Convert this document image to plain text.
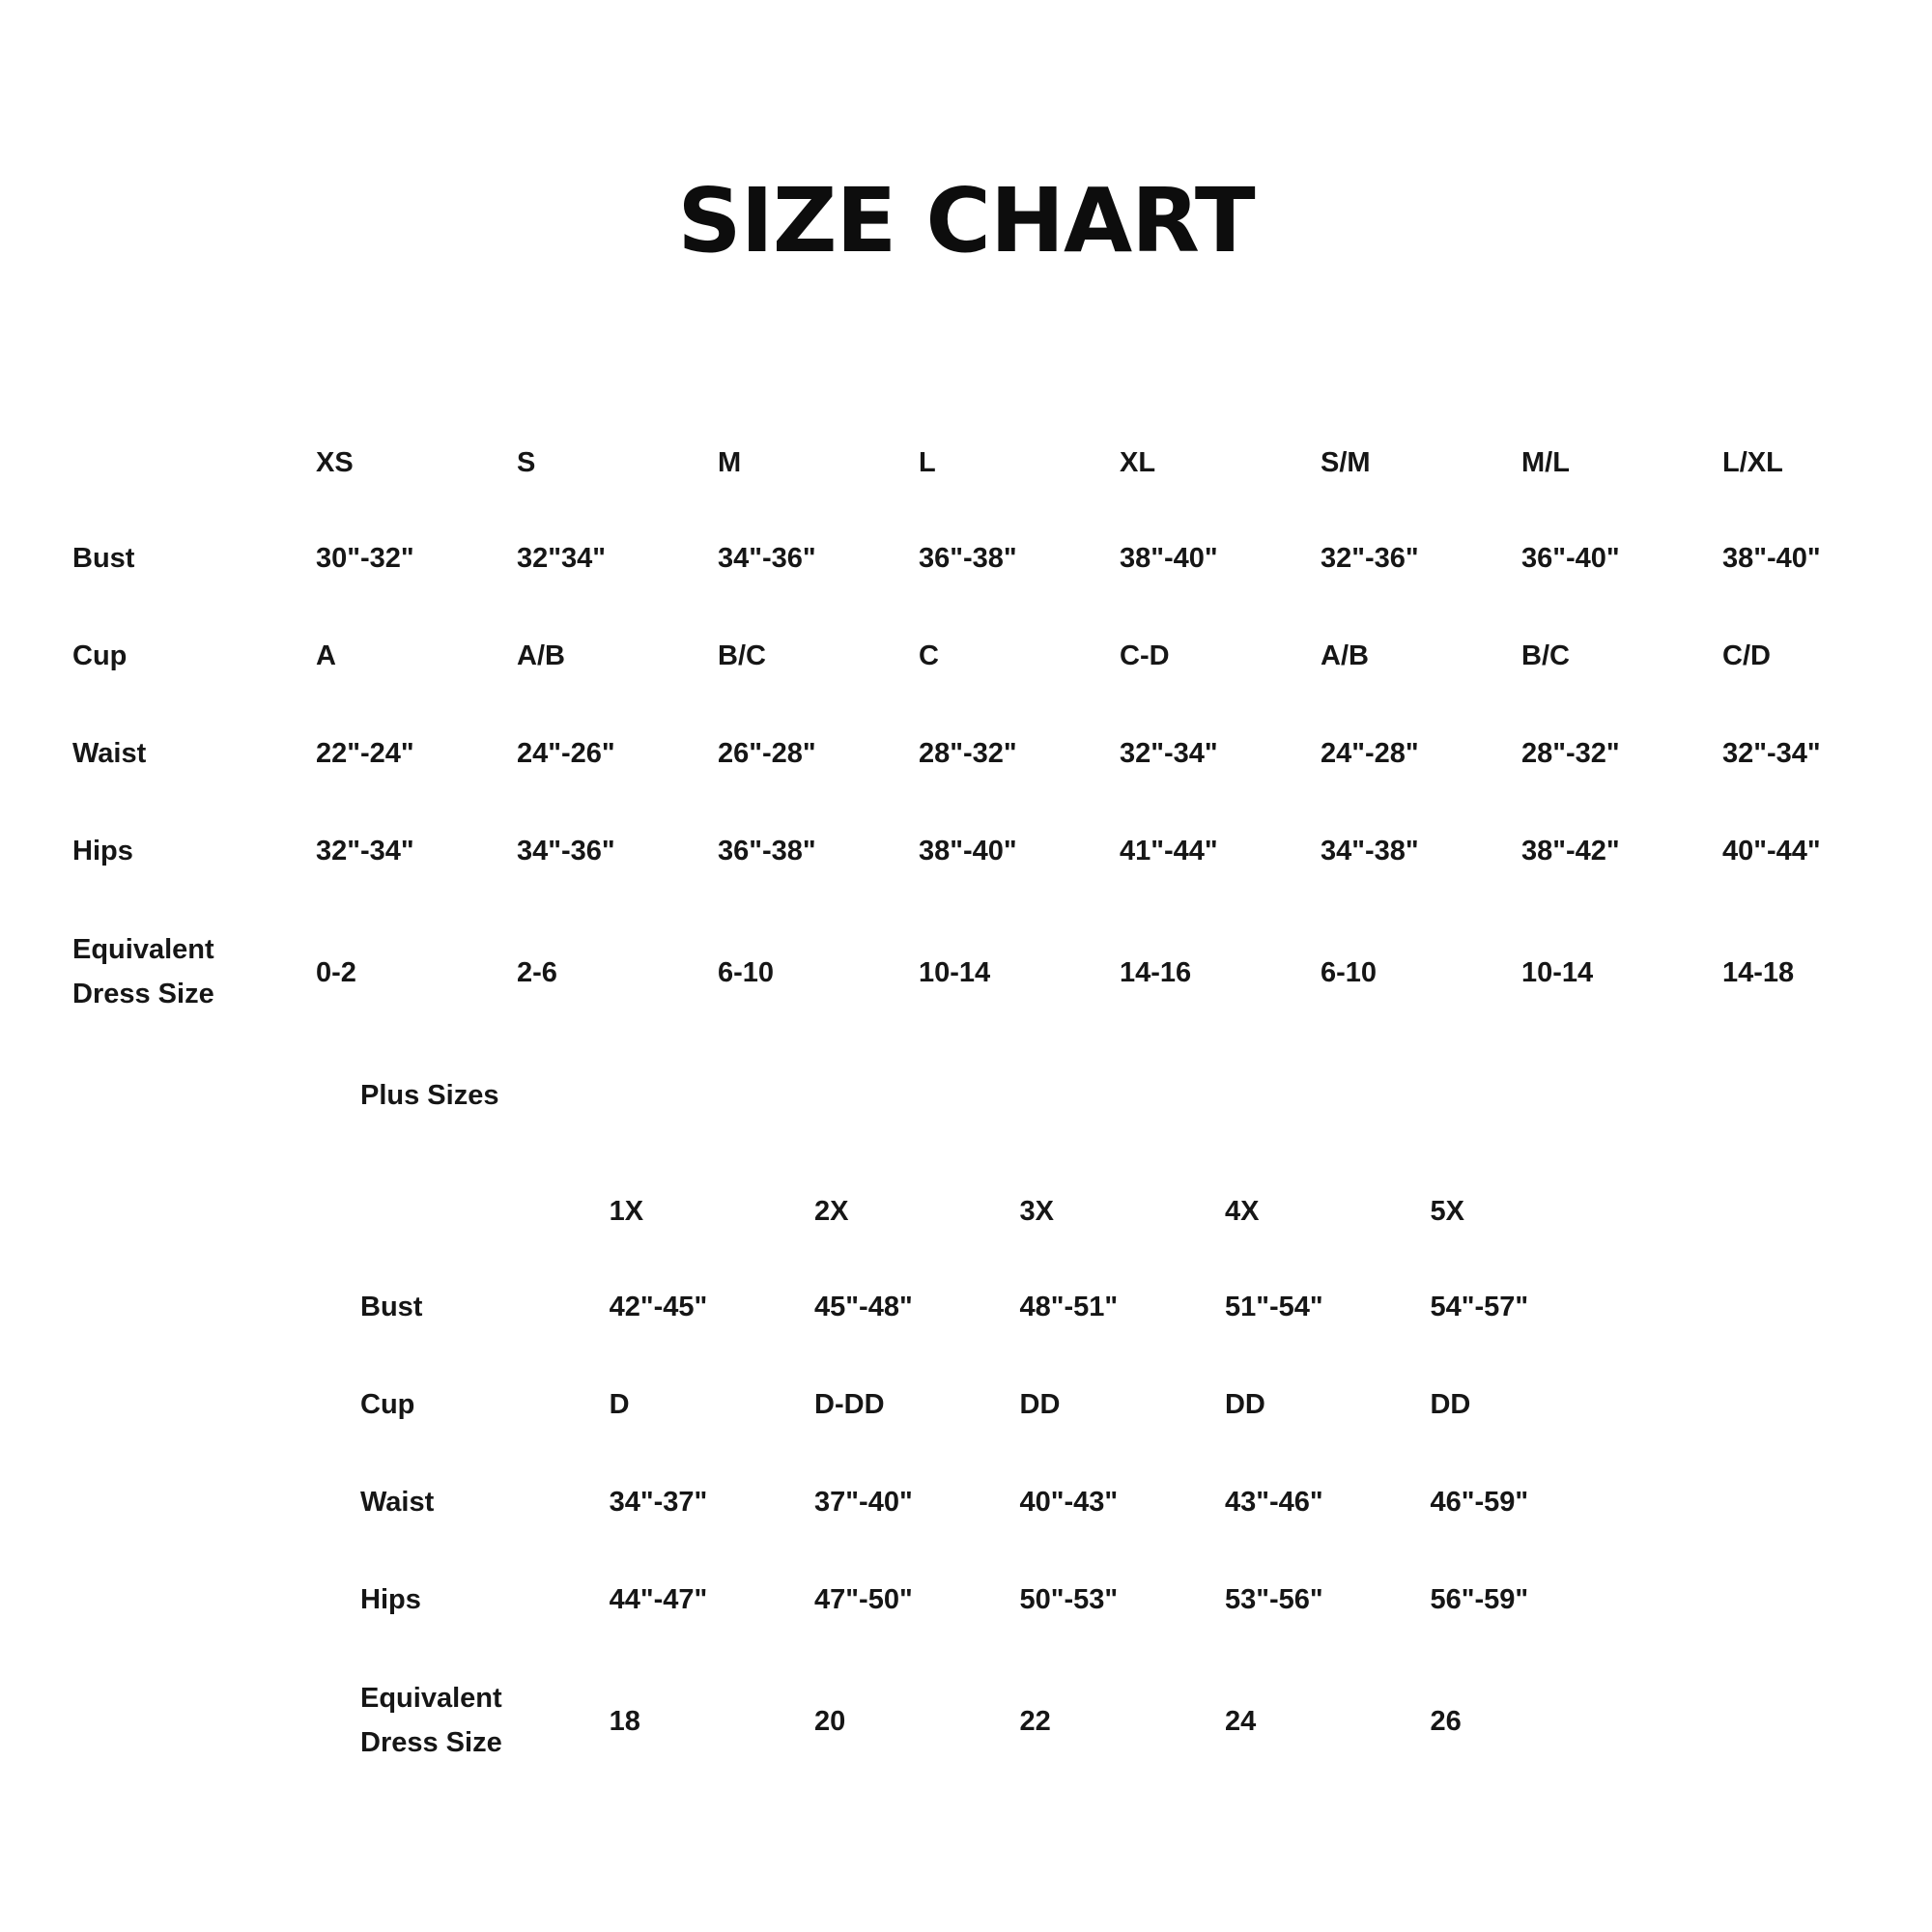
SIZE CHART
	XS	S	M	L	XL	S/M	M/L	L/XL
Bust	30"-32"	32"34"	34"-36"	36"-38"	38"-40"	32"-36"	36"-40"	38"-40"
Cup	A	A/B	B/C	C	C-D	A/B	B/C	C/D
Waist	22"-24"	24"-26"	26"-28"	28"-32"	32"-34"	24"-28"	28"-32"	32"-34"
Hips	32"-34"	34"-36"	36"-38"	38"-40"	41"-44"	34"-38"	38"-42"	40"-44"

Equivalent
Dress Size	0-2	2-6	6-10	10-14	14-16	6-10	10-14	14-18
Plus Sizes
	1X	2X	3X	4X	5X
Bust	42"-45"	45"-48"	48"-51"	51"-54"	54"-57"
Cup	D	D-DD	DD	DD	DD
Waist	34"-37"	37"-40"	40"-43"	43"-46"	46"-59"
Hips	44"-47"	47"-50"	50"-53"	53"-56"	56"-59"

Equivalent
Dress Size	18	20	22	24	26
